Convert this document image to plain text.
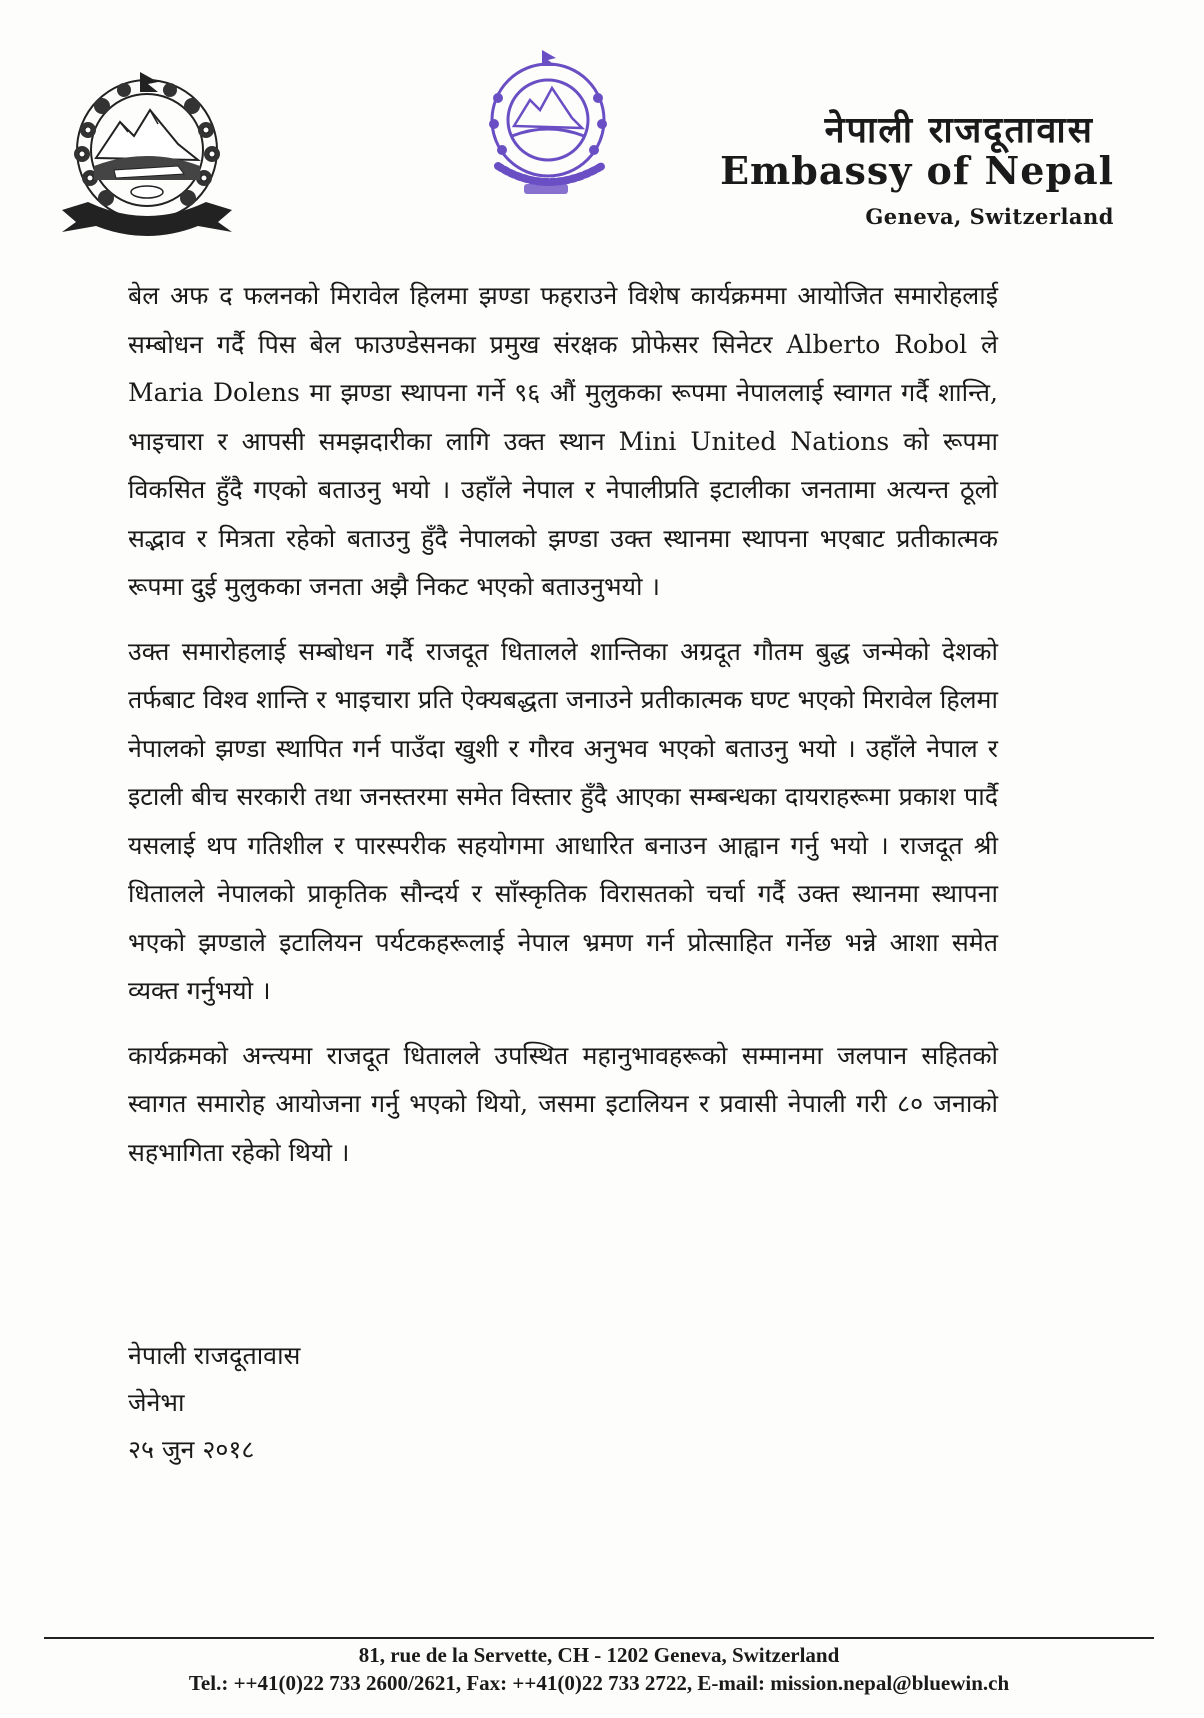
नेपाली राजदूतावास
Embassy of Nepal
Geneva, Switzerland

बेल अफ द फलनको मिरावेल हिलमा झण्डा फहराउने विशेष कार्यक्रममा आयोजित समारोहलाई सम्बोधन गर्दै पिस बेल फाउण्डेसनका प्रमुख संरक्षक प्रोफेसर सिनेटर Alberto Robol ले Maria Dolens मा झण्डा स्थापना गर्ने ९६ औं मुलुकका रूपमा नेपाललाई स्वागत गर्दै शान्ति, भाइचारा र आपसी समझदारीका लागि उक्त स्थान Mini United Nations को रूपमा विकसित हुँदै गएको बताउनु भयो । उहाँले नेपाल र नेपालीप्रति इटालीका जनतामा अत्यन्त ठूलो सद्भाव र मित्रता रहेको बताउनु हुँदै नेपालको झण्डा उक्त स्थानमा स्थापना भएबाट प्रतीकात्मक रूपमा दुई मुलुकका जनता अझै निकट भएको बताउनुभयो ।

उक्त समारोहलाई सम्बोधन गर्दै राजदूत धितालले शान्तिका अग्रदूत गौतम बुद्ध जन्मेको देशको तर्फबाट विश्व शान्ति र भाइचारा प्रति ऐक्यबद्धता जनाउने प्रतीकात्मक घण्ट भएको मिरावेल हिलमा नेपालको झण्डा स्थापित गर्न पाउँदा खुशी र गौरव अनुभव भएको बताउनु भयो । उहाँले नेपाल र इटाली बीच सरकारी तथा जनस्तरमा समेत विस्तार हुँदै आएका सम्बन्धका दायराहरूमा प्रकाश पार्दै यसलाई थप गतिशील र पारस्परीक सहयोगमा आधारित बनाउन आह्वान गर्नु भयो । राजदूत श्री धितालले नेपालको प्राकृतिक सौन्दर्य र साँस्कृतिक विरासतको चर्चा गर्दै उक्त स्थानमा स्थापना भएको झण्डाले इटालियन पर्यटकहरूलाई नेपाल भ्रमण गर्न प्रोत्साहित गर्नेछ भन्ने आशा समेत व्यक्त गर्नुभयो ।

कार्यक्रमको अन्त्यमा राजदूत धितालले उपस्थित महानुभावहरूको सम्मानमा जलपान सहितको स्वागत समारोह आयोजना गर्नु भएको थियो, जसमा इटालियन र प्रवासी नेपाली गरी ८० जनाको सहभागिता रहेको थियो ।

नेपाली राजदूतावास
जेनेभा
२५ जुन २०१८
81, rue de la Servette, CH - 1202 Geneva, Switzerland
Tel.: ++41(0)22 733 2600/2621, Fax: ++41(0)22 733 2722, E-mail: mission.nepal@bluewin.ch
